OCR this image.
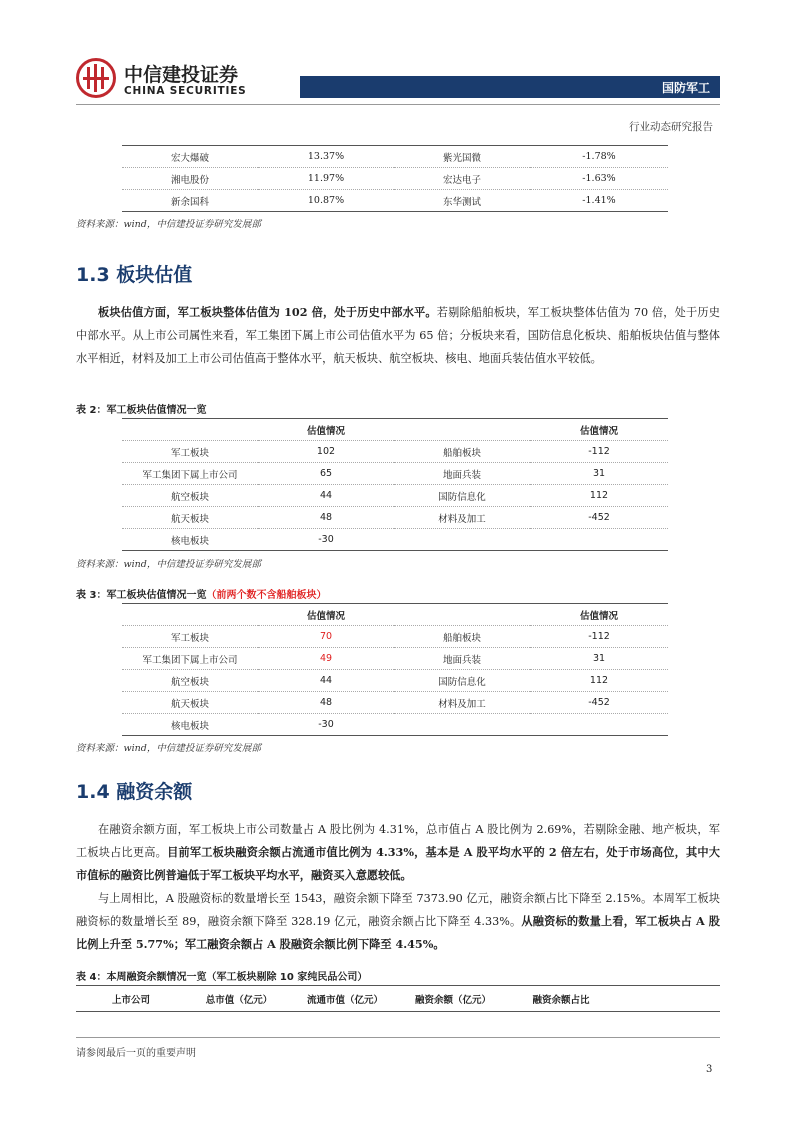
中信建投证券
CHINA SECURITIES	国防军工
行业动态研究报告
宏大爆破	13.37%	紫光国微	-1.78%
湘电股份	11.97%	宏达电子	-1.63%
新余国科	10.87%	东华测试	-1.41%
资料来源：wind，中信建投证券研究发展部
1.3 板块估值
板块估值方面，军工板块整体估值为 102 倍，处于历史中部水平。若剔除船舶板块，军工板块整体估值为 70 倍，处于历史中部水平。从上市公司属性来看，军工集团下属上市公司估值水平为 65 倍；分板块来看，国防信息化板块、船舶板块估值与整体水平相近，材料及加工上市公司估值高于整体水平，航天板块、航空板块、核电、地面兵装估值水平较低。
表 2：军工板块估值情况一览
	估值情况		估值情况
军工板块	102	船舶板块	-112
军工集团下属上市公司	65	地面兵装	31
航空板块	44	国防信息化	112
航天板块	48	材料及加工	-452
核电板块	-30		
资料来源：wind，中信建投证券研究发展部
表 3：军工板块估值情况一览（前两个数不含船舶板块）
	估值情况		估值情况
军工板块	70	船舶板块	-112
军工集团下属上市公司	49	地面兵装	31
航空板块	44	国防信息化	112
航天板块	48	材料及加工	-452
核电板块	-30		
资料来源：wind，中信建投证券研究发展部
1.4 融资余额
在融资余额方面，军工板块上市公司数量占 A 股比例为 4.31%，总市值占 A 股比例为 2.69%，若剔除金融、地产板块，军工板块占比更高。目前军工板块融资余额占流通市值比例为 4.33%，基本是 A 股平均水平的 2 倍左右，处于市场高位，其中大市值标的融资比例普遍低于军工板块平均水平，融资买入意愿较低。
与上周相比，A 股融资标的数量增长至 1543，融资余额下降至 7373.90 亿元，融资余额占比下降至 2.15%。本周军工板块融资标的数量增长至 89，融资余额下降至 328.19 亿元，融资余额占比下降至 4.33%。从融资标的数量上看，军工板块占 A 股比例上升至 5.77%；军工融资余额占 A 股融资余额比例下降至 4.45%。
表 4：本周融资余额情况一览（军工板块剔除 10 家纯民品公司）
上市公司	总市值（亿元）	流通市值（亿元）	融资余额（亿元）	融资余额占比	
请参阅最后一页的重要声明
3
